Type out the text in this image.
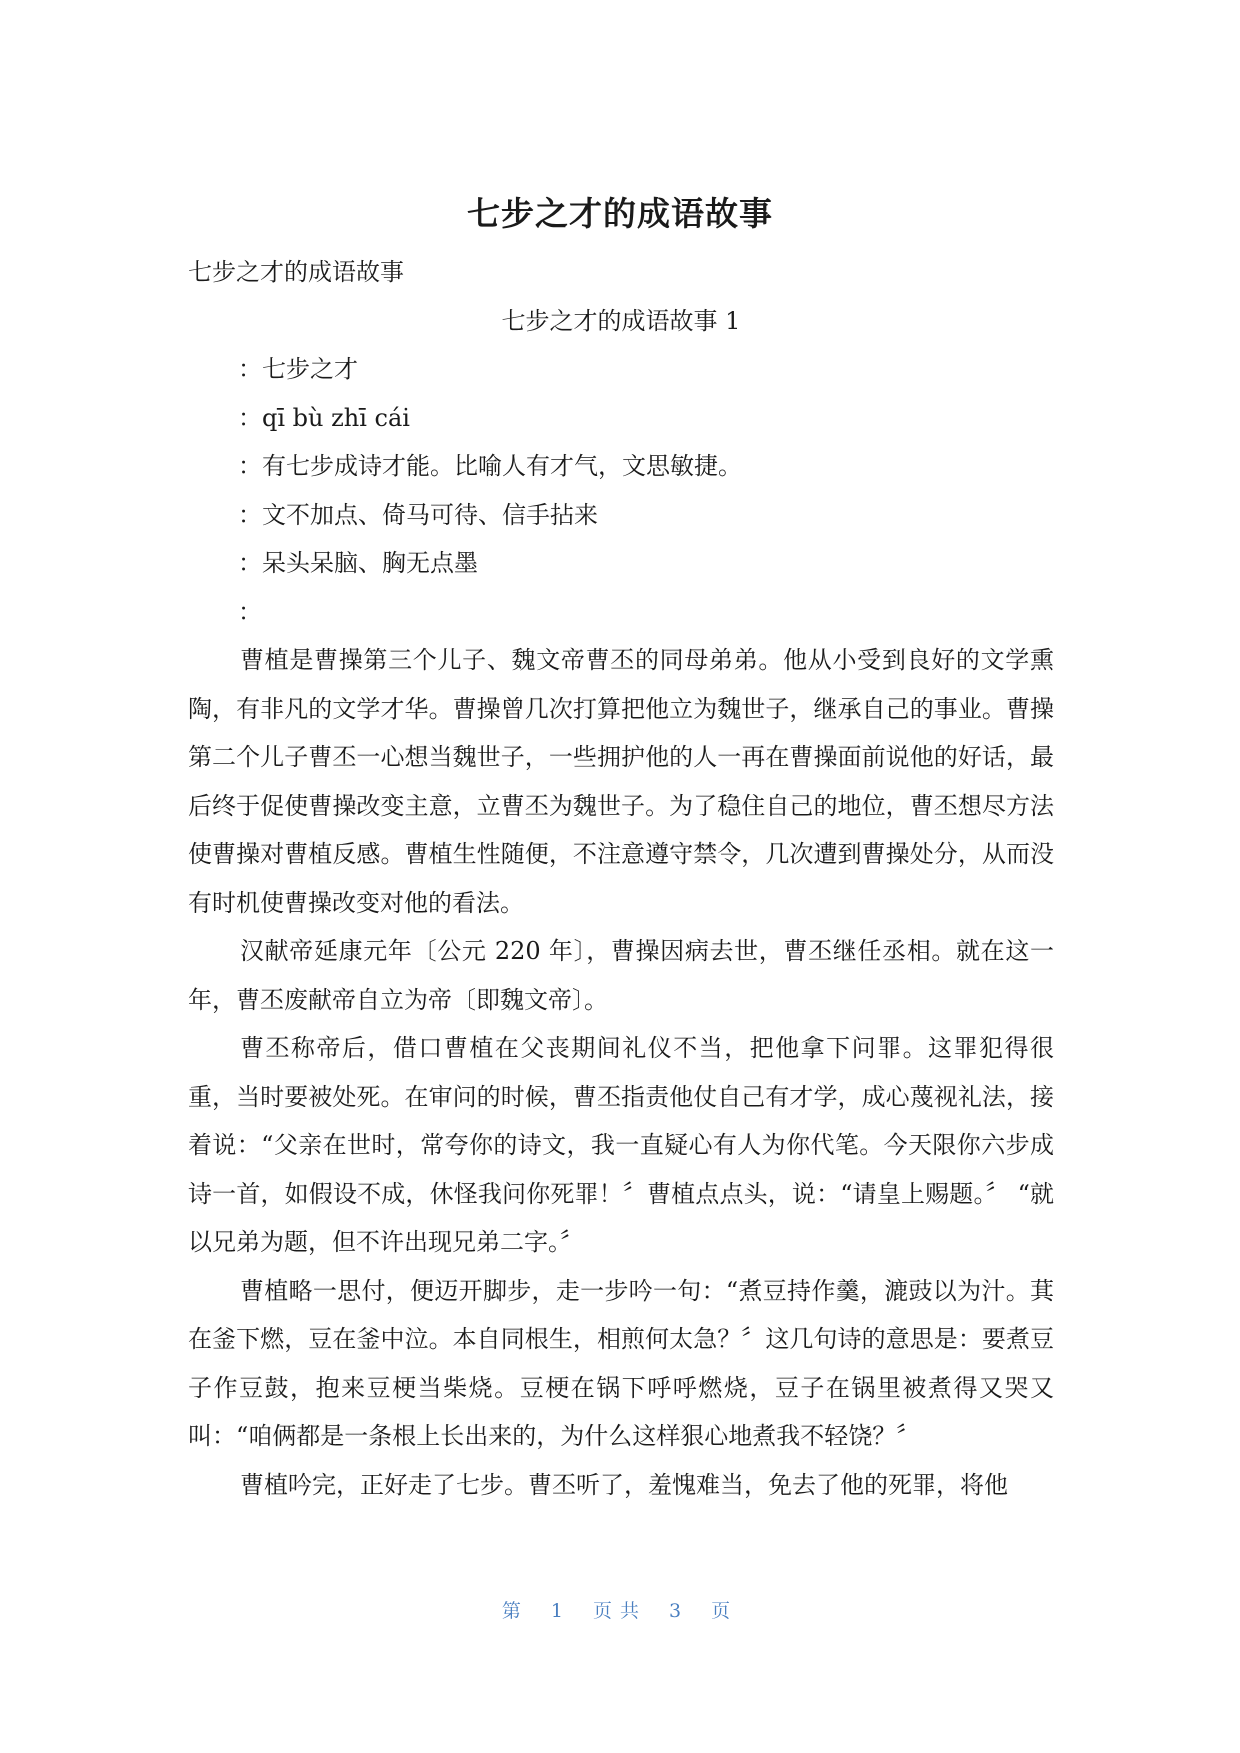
七步之才的成语故事

七步之才的成语故事

七步之才的成语故事 1

：七步之才

：qī bù zhī cái

：有七步成诗才能。比喻人有才气，文思敏捷。

：文不加点、倚马可待、信手拈来

：呆头呆脑、胸无点墨

：

曹植是曹操第三个儿子、魏文帝曹丕的同母弟弟。他从小受到良好的文学熏陶，有非凡的文学才华。曹操曾几次打算把他立为魏世子，继承自己的事业。曹操第二个儿子曹丕一心想当魏世子，一些拥护他的人一再在曹操面前说他的好话，最后终于促使曹操改变主意，立曹丕为魏世子。为了稳住自己的地位，曹丕想尽方法使曹操对曹植反感。曹植生性随便，不注意遵守禁令，几次遭到曹操处分，从而没有时机使曹操改变对他的看法。

汉献帝延康元年〔公元 220 年〕，曹操因病去世，曹丕继任丞相。就在这一年，曹丕废献帝自立为帝〔即魏文帝〕。

曹丕称帝后，借口曹植在父丧期间礼仪不当，把他拿下问罪。这罪犯得很重，当时要被处死。在审问的时候，曹丕指责他仗自己有才学，成心蔑视礼法，接着说：“父亲在世时，常夸你的诗文，我一直疑心有人为你代笔。今天限你六步成诗一首，如假设不成，休怪我问你死罪！〞曹植点点头，说：“请皇上赐题。〞 “就以兄弟为题，但不许出现兄弟二字。〞

曹植略一思付，便迈开脚步，走一步吟一句：“煮豆持作羹，漉豉以为汁。萁在釜下燃，豆在釜中泣。本自同根生，相煎何太急？〞这几句诗的意思是：要煮豆子作豆鼓，抱来豆梗当柴烧。豆梗在锅下呼呼燃烧，豆子在锅里被煮得又哭又叫：“咱俩都是一条根上长出来的，为什么这样狠心地煮我不轻饶？〞

曹植吟完，正好走了七步。曹丕听了，羞愧难当，免去了他的死罪，将他

第 1 页共 3 页
